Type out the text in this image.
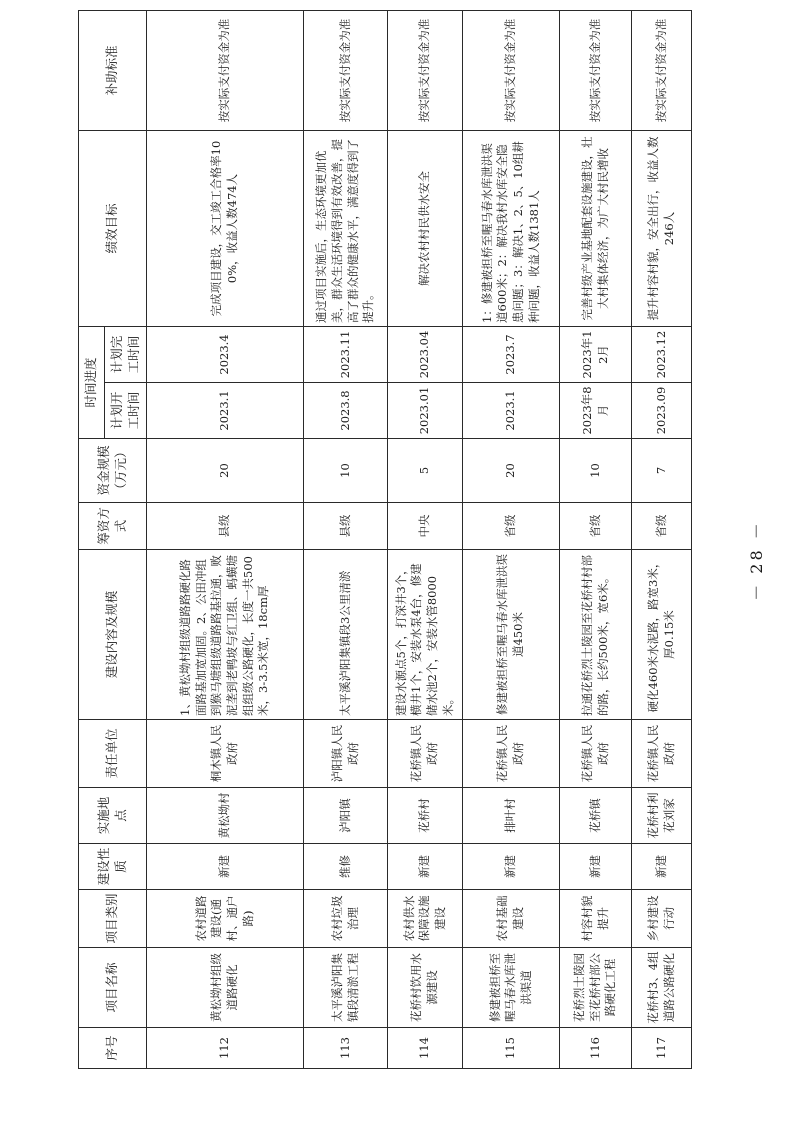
序号	项目名称	项目类别	建设性质	实施地点	责任单位	建设内容及规模	筹资方式	资金规模（万元）	时间进度		绩效目标	补助标准
									计划开工时间	计划完工时间		
112	黄松坳村组级道路硬化	农村道路建设(通村、通户路)	新建	黄松坳村	桐木镇人民政府	1、黄松坳村组级道路路硬化路面路基加宽加固。2、公田冲组到猴马塘组级道路路基拉通，败泥垄到老鸭坡与红卫组、蚂蟥塘组组级公路硬化，长度一共500米，3-3.5米宽，18cm厚	县级	20	2023.1	2023.4	完成项目建设，交工竣工合格率100%，收益人数474人	按实际支付资金为准
113	太平溪泸阳集镇段清淤工程	农村垃圾治理	维修	泸阳镇	泸阳镇人民政府	太平溪泸阳集镇段3公里清淤	县级	10	2023.8	2023.11	通过项目实施后，生态环境更加优美，群众生活环境得到有效改善，提高了群众的健康水平，满意度得到了提升。	按实际支付资金为准
114	花桥村饮用水源建设	农村供水保障设施建设	新建	花桥村	花桥镇人民政府	建设水源点5个，打深井3个，横井1个，安装水泵4台，修建储水池2个，安装水管8000米。	中央	5	2023.01	2023.04	解决农村村民供水安全	按实际支付资金为准
115	修建被担桥至喔马春水库泄洪渠道	农村基础建设	新建	排叶村	花桥镇人民政府	修建被担桥至喔马春水库泄洪渠道450米	省级	20	2023.1	2023.7	1：修建被担桥至喔马春水库泄洪渠道600米；2：解决我村水库安全隐患问题；3：解决1、2、5、10组耕种问题，收益人数1381人	按实际支付资金为准
116	花桥烈士陵园至花桥村部公路硬化工程	村容村貌提升	新建	花桥镇	花桥镇人民政府	拉通花桥烈士陵园至花桥村村部的路，长约500米，宽6米。	省级	10	2023年8月	2023年12月	完善村级产业基地配套设施建设，壮大村集体经济，为广大村民增收	按实际支付资金为准
117	花桥村3、4组道路公路硬化	乡村建设行动	新建	花桥村利花刘家	花桥镇人民政府	硬化460米水泥路，路宽3米，厚0.15米	省级	7	2023.09	2023.12	提升村容村貌，安全出行，收益人数246人	按实际支付资金为准
－ 28 －
